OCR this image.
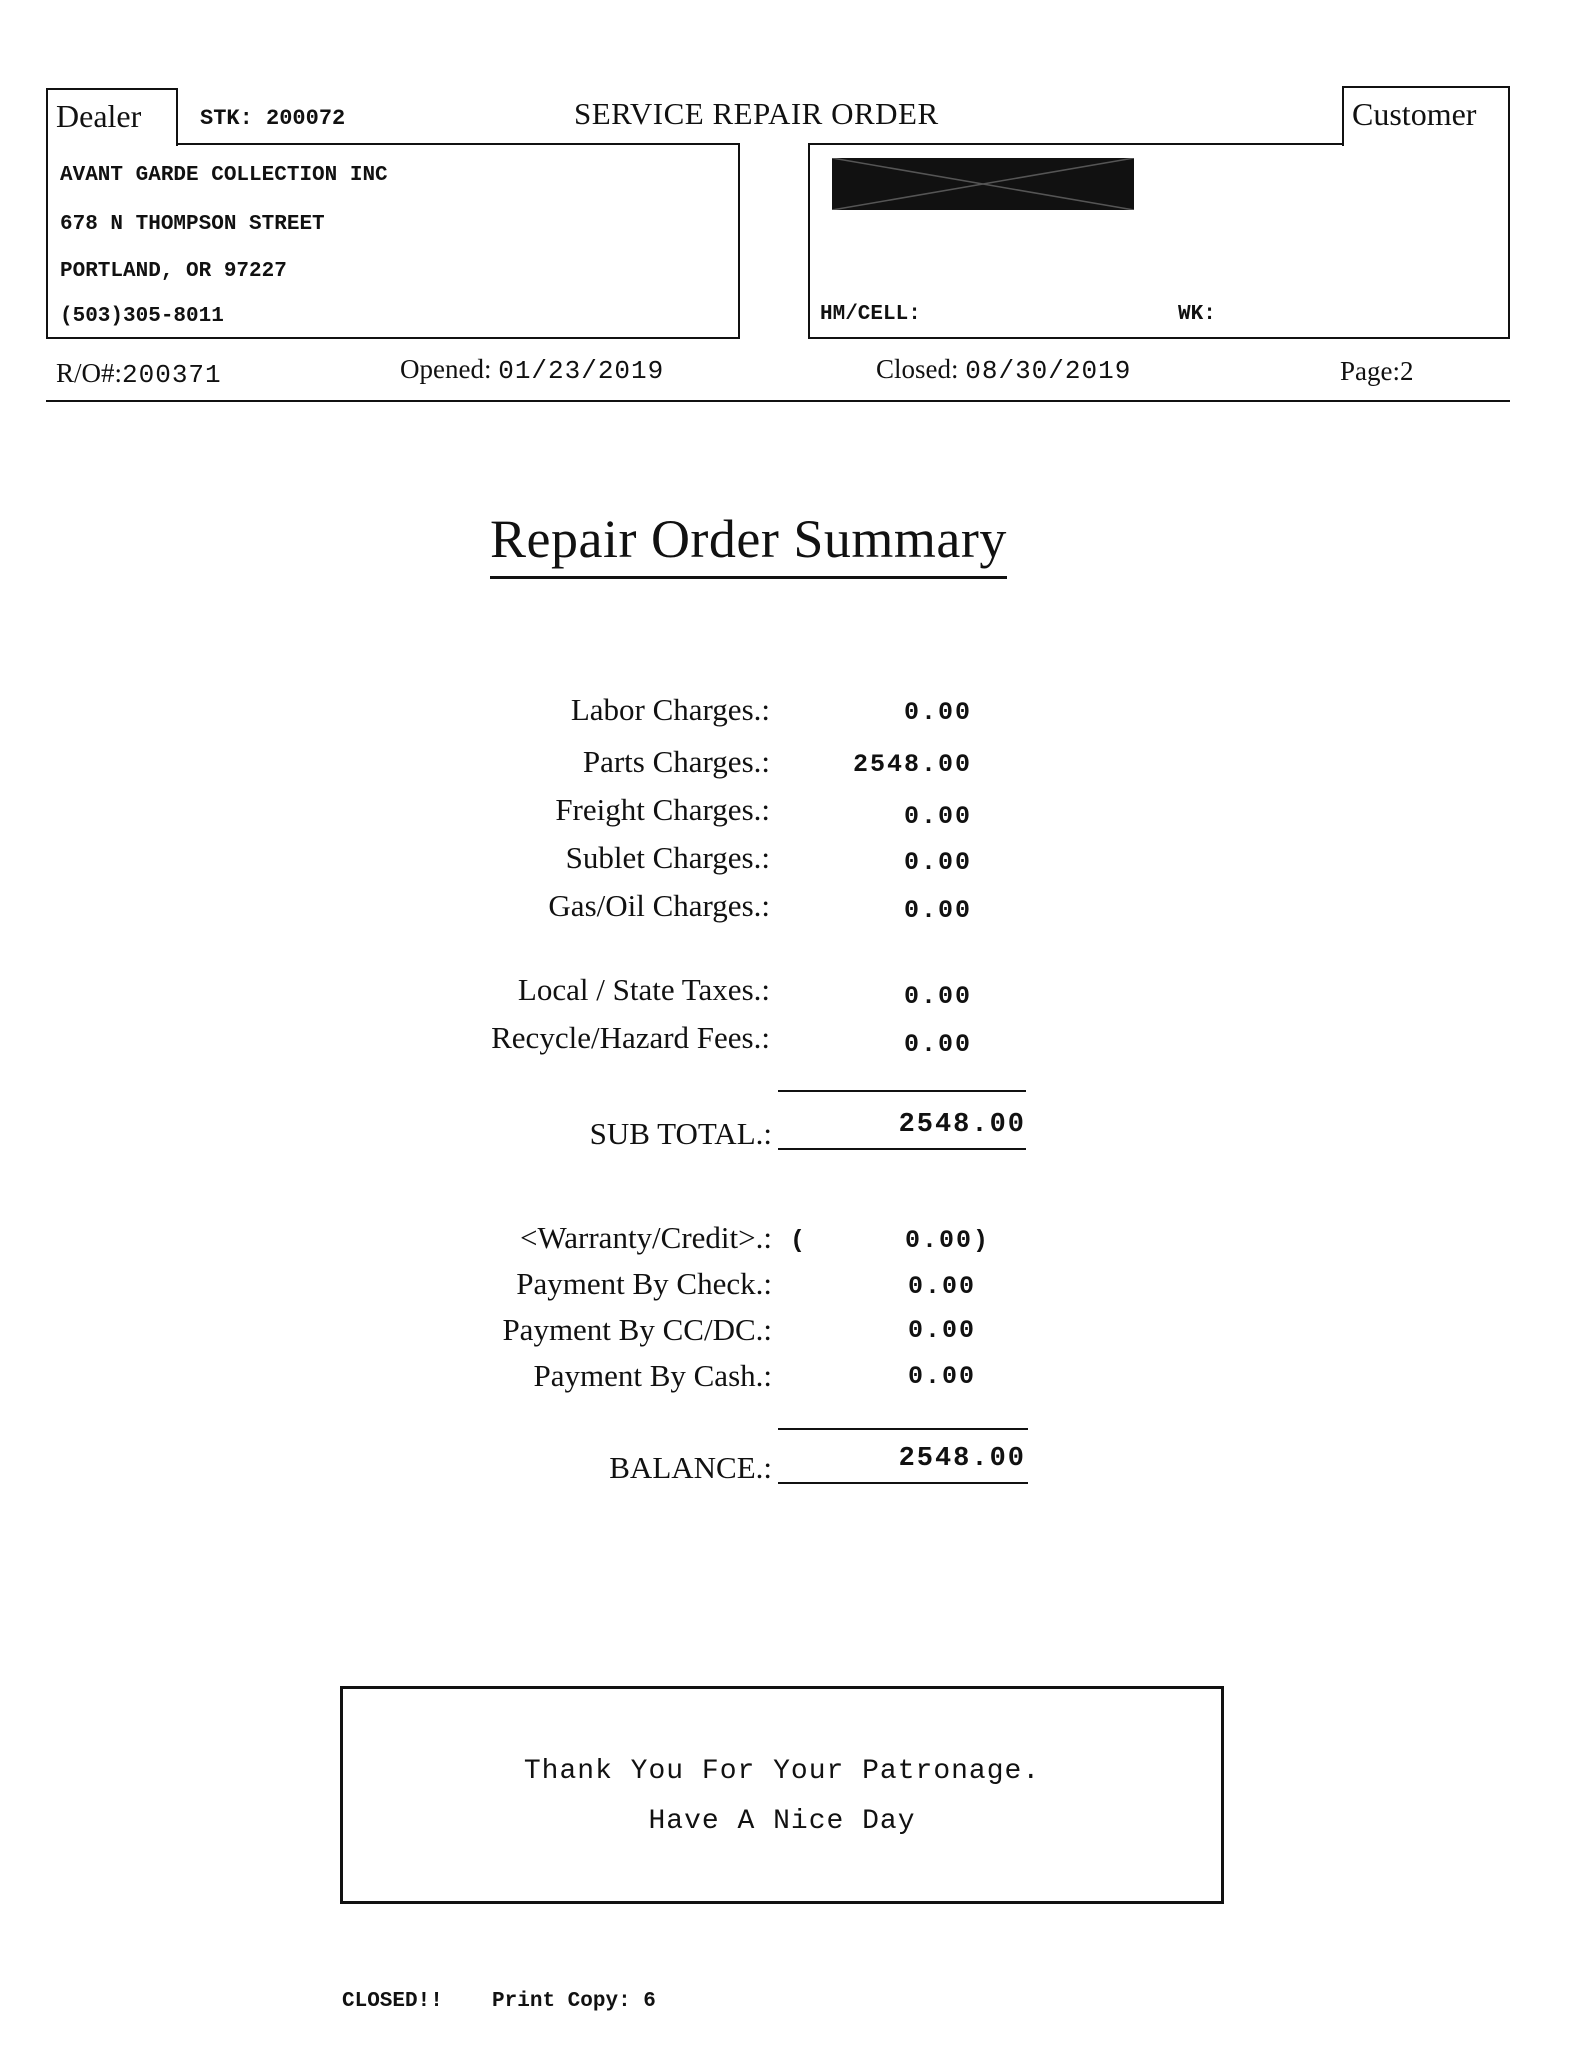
Dealer	STK: 200072	SERVICE REPAIR ORDER	Customer
AVANT GARDE COLLECTION INC
678 N THOMPSON STREET
PORTLAND, OR 97227
(503)305-8011	HM/CELL:	WK:
R/O#:200371	Opened: 01/23/2019	Closed: 08/30/2019	Page:2
Repair Order Summary
Labor Charges.:	0.00
Parts Charges.:	2548.00
Freight Charges.:	0.00
Sublet Charges.:	0.00
Gas/Oil Charges.:	0.00
Local / State Taxes.:	0.00
Recycle/Hazard Fees.:	0.00
SUB TOTAL.:	2548.00
<Warranty/Credit>.: (	0.00)
Payment By Check.:	0.00
Payment By CC/DC.:	0.00
Payment By Cash.:	0.00
BALANCE.:	2548.00
Thank You For Your Patronage.
Have A Nice Day
CLOSED!! Print Copy: 6
